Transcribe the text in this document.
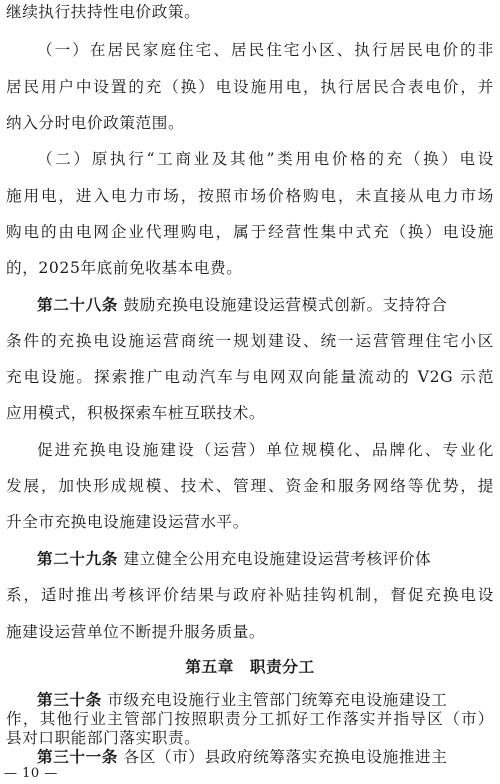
继续执行扶持性电价政策。
（一）在居民家庭住宅、居民住宅小区、执行居民电价的非
居民用户中设置的充（换）电设施用电，执行居民合表电价，并
纳入分时电价政策范围。
（二）原执行“工商业及其他”类用电价格的充（换）电设
施用电，进入电力市场，按照市场价格购电，未直接从电力市场
购电的由电网企业代理购电，属于经营性集中式充（换）电设施
的，2025年底前免收基本电费。
第二十八条 鼓励充换电设施建设运营模式创新。支持符合
条件的充换电设施运营商统一规划建设、统一运营管理住宅小区
充电设施。探索推广电动汽车与电网双向能量流动的 V2G 示范
应用模式，积极探索车桩互联技术。
促进充换电设施建设（运营）单位规模化、品牌化、专业化
发展，加快形成规模、技术、管理、资金和服务网络等优势，提
升全市充换电设施建设运营水平。
第二十九条 建立健全公用充电设施建设运营考核评价体
系，适时推出考核评价结果与政府补贴挂钩机制，督促充换电设
施建设运营单位不断提升服务质量。
第五章 职责分工
第三十条 市级充电设施行业主管部门统筹充电设施建设工
— 10 —
作，其他行业主管部门按照职责分工抓好工作落实并指导区（市）
县对口职能部门落实职责。
第三十一条 各区（市）县政府统筹落实充换电设施推进主
